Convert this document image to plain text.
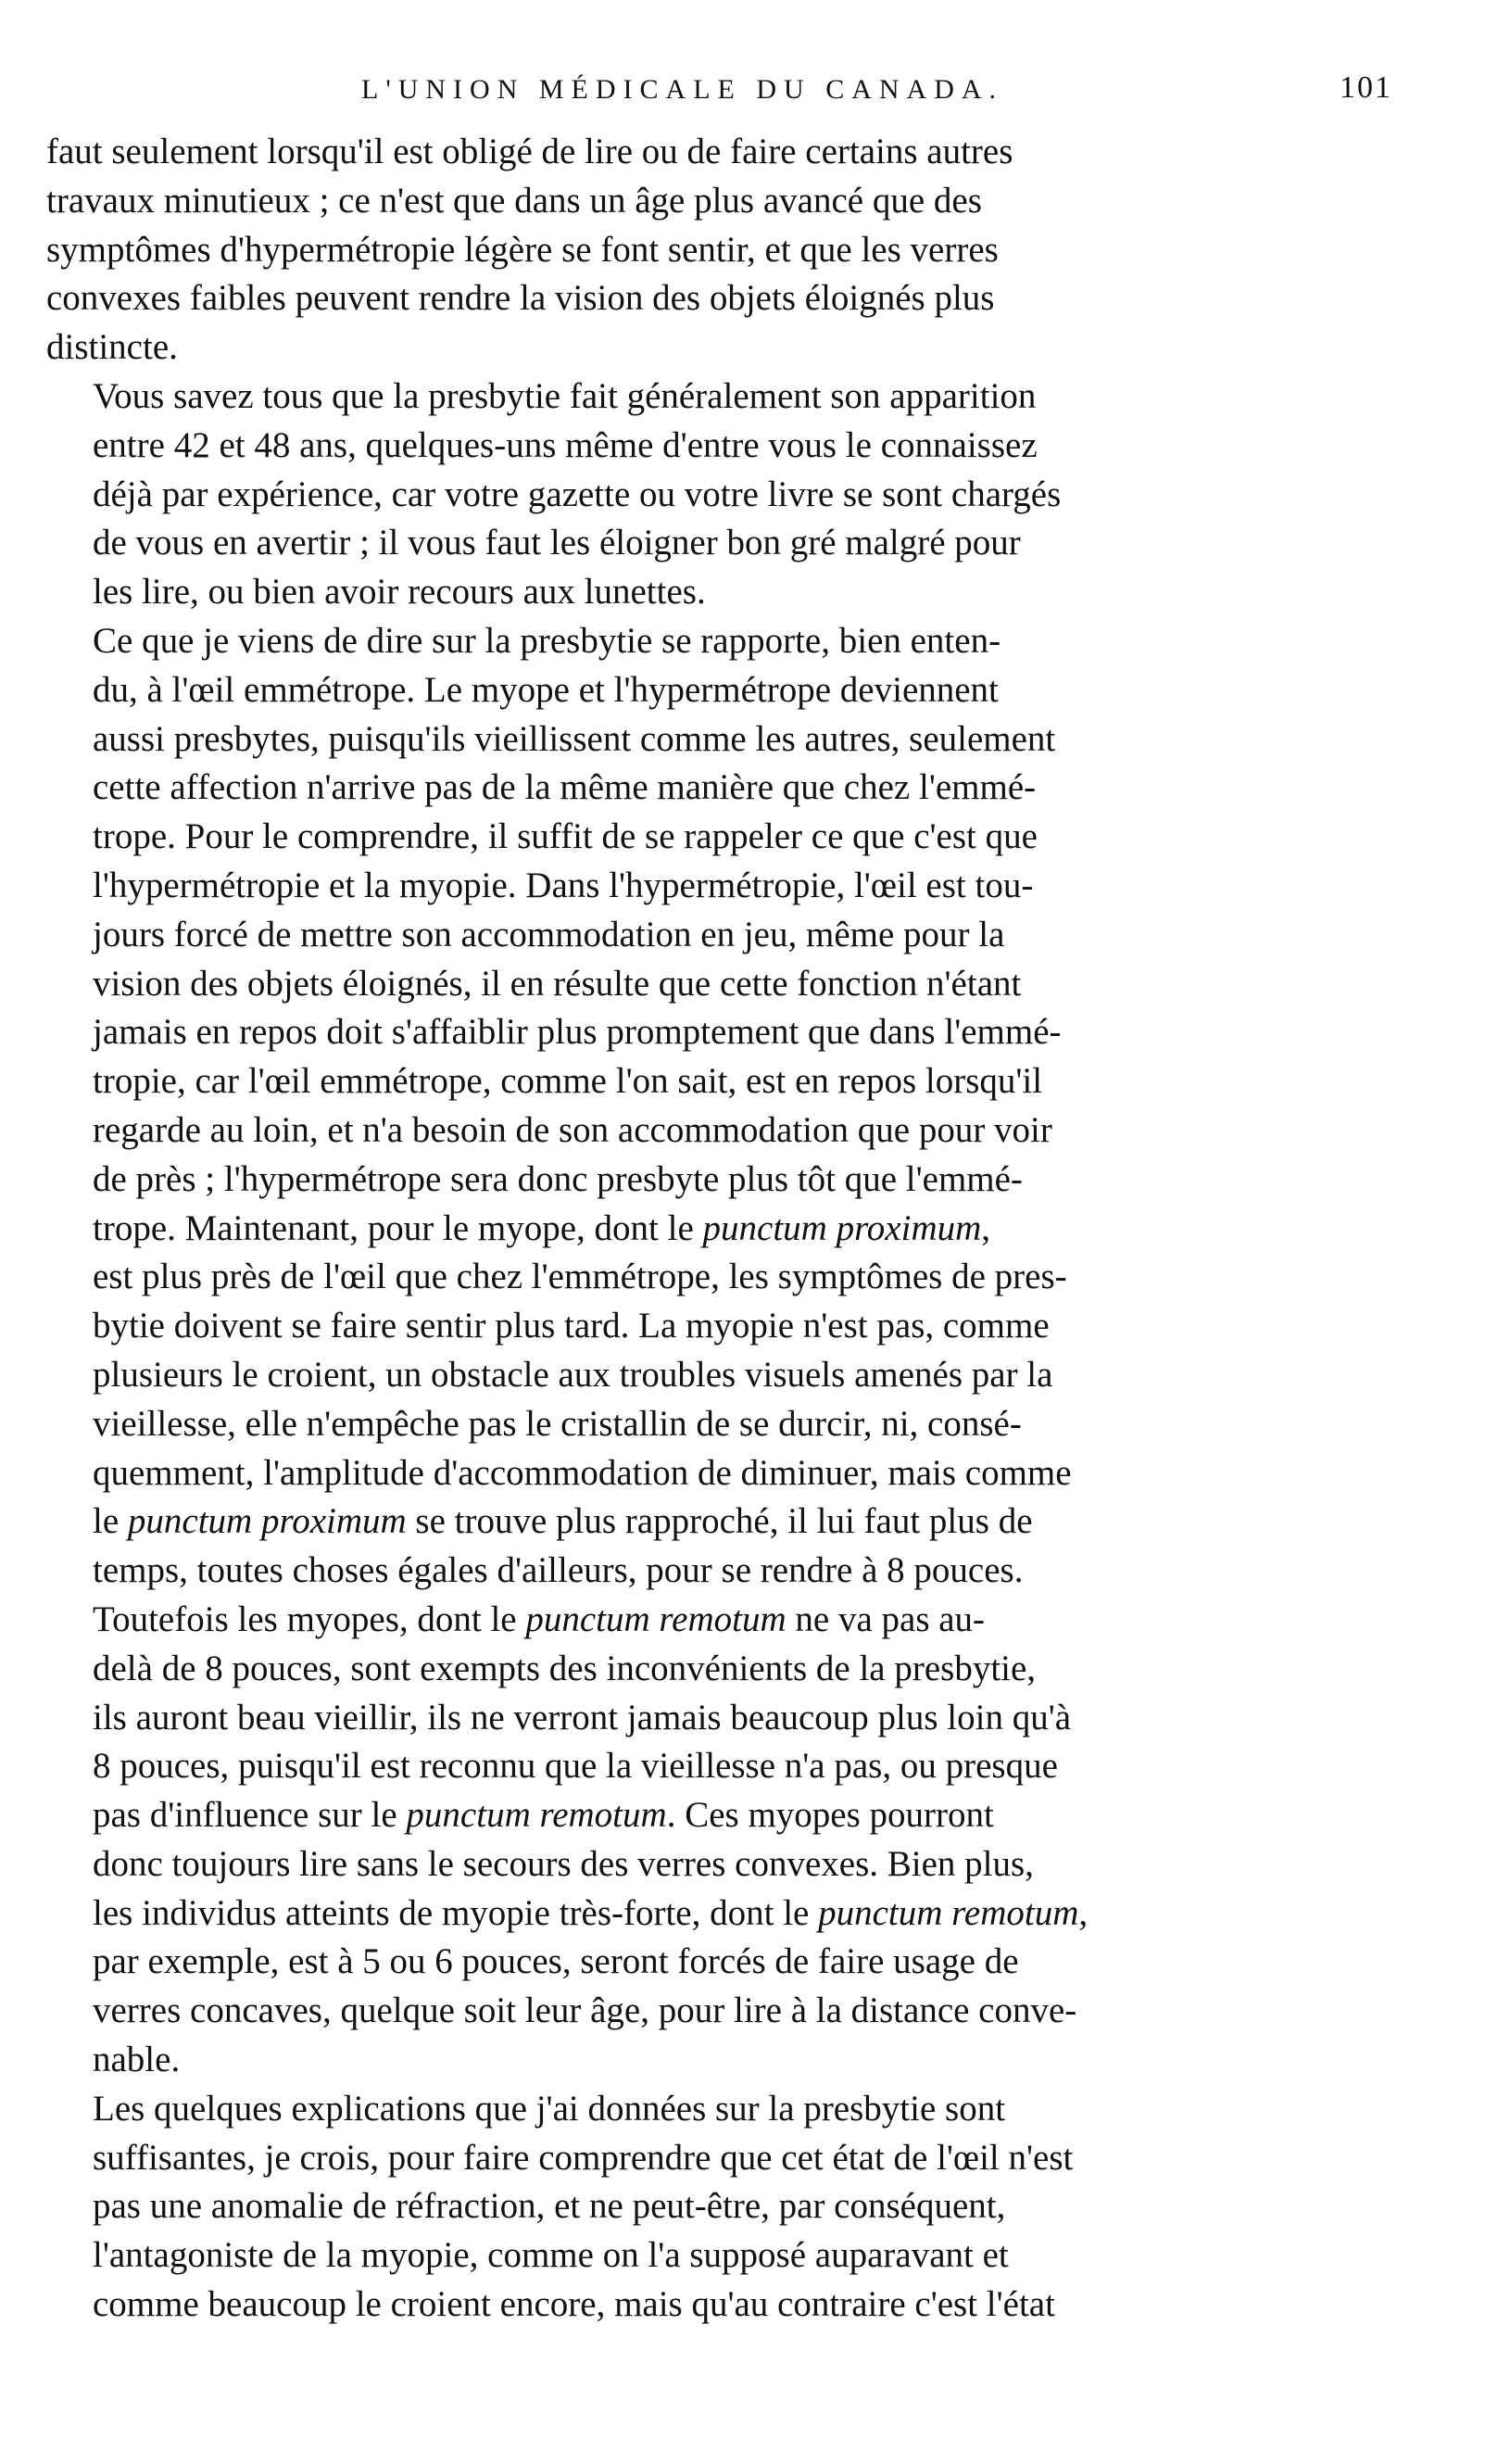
L'UNION MÉDICALE DU CANADA.	101

faut seulement lorsqu'il est obligé de lire ou de faire certains autres
travaux minutieux ; ce n'est que dans un âge plus avancé que des
symptômes d'hypermétropie légère se font sentir, et que les verres
convexes faibles peuvent rendre la vision des objets éloignés plus
distincte.

Vous savez tous que la presbytie fait généralement son apparition
entre 42 et 48 ans, quelques-uns même d'entre vous le connaissez
déjà par expérience, car votre gazette ou votre livre se sont chargés
de vous en avertir ; il vous faut les éloigner bon gré malgré pour
les lire, ou bien avoir recours aux lunettes.

Ce que je viens de dire sur la presbytie se rapporte, bien enten-
du, à l'œil emmétrope. Le myope et l'hypermétrope deviennent
aussi presbytes, puisqu'ils vieillissent comme les autres, seulement
cette affection n'arrive pas de la même manière que chez l'emmé-
trope. Pour le comprendre, il suffit de se rappeler ce que c'est que
l'hypermétropie et la myopie. Dans l'hypermétropie, l'œil est tou-
jours forcé de mettre son accommodation en jeu, même pour la
vision des objets éloignés, il en résulte que cette fonction n'étant
jamais en repos doit s'affaiblir plus promptement que dans l'emmé-
tropie, car l'œil emmétrope, comme l'on sait, est en repos lorsqu'il
regarde au loin, et n'a besoin de son accommodation que pour voir
de près ; l'hypermétrope sera donc presbyte plus tôt que l'emmé-
trope. Maintenant, pour le myope, dont le punctum proximum,
est plus près de l'œil que chez l'emmétrope, les symptômes de pres-
bytie doivent se faire sentir plus tard. La myopie n'est pas, comme
plusieurs le croient, un obstacle aux troubles visuels amenés par la
vieillesse, elle n'empêche pas le cristallin de se durcir, ni, consé-
quemment, l'amplitude d'accommodation de diminuer, mais comme
le punctum proximum se trouve plus rapproché, il lui faut plus de
temps, toutes choses égales d'ailleurs, pour se rendre à 8 pouces.

Toutefois les myopes, dont le punctum remotum ne va pas au-
delà de 8 pouces, sont exempts des inconvénients de la presbytie,
ils auront beau vieillir, ils ne verront jamais beaucoup plus loin qu'à
8 pouces, puisqu'il est reconnu que la vieillesse n'a pas, ou presque
pas d'influence sur le punctum remotum. Ces myopes pourront
donc toujours lire sans le secours des verres convexes. Bien plus,
les individus atteints de myopie très-forte, dont le punctum remotum,
par exemple, est à 5 ou 6 pouces, seront forcés de faire usage de
verres concaves, quelque soit leur âge, pour lire à la distance conve-
nable.

Les quelques explications que j'ai données sur la presbytie sont
suffisantes, je crois, pour faire comprendre que cet état de l'œil n'est
pas une anomalie de réfraction, et ne peut-être, par conséquent,
l'antagoniste de la myopie, comme on l'a supposé auparavant et
comme beaucoup le croient encore, mais qu'au contraire c'est l'état
